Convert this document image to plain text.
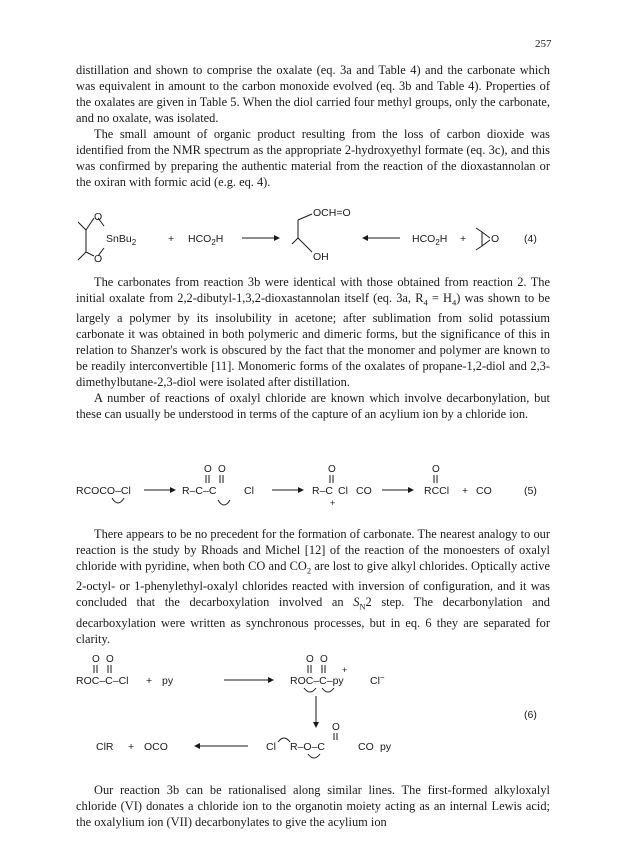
257

distillation and shown to comprise the oxalate (eq. 3a and Table 4) and the carbonate which was equivalent in amount to the carbon monoxide evolved (eq. 3b and Table 4). Properties of the oxalates are given in Table 5. When the diol carried four methyl groups, only the carbonate, and no oxalate, was isolated.

The small amount of organic product resulting from the loss of carbon dioxide was identified from the NMR spectrum as the appropriate 2-hydroxyethyl formate (eq. 3c), and this was confirmed by preparing the authentic material from the reaction of the dioxastannolan or the oxiran with formic acid (e.g. eq. 4).

O
O
SnBu$_2$	+ $HCO_2H$
OCH=O
OH
$HCO_2H + O$ (4)

The carbonates from reaction 3b were identical with those obtained from reaction 2. The initial oxalate from 2,2-dibutyl-1,3,2-dioxastannolan itself (eq. 3a, $R_4 = H_4$) was shown to be largely a polymer by its insolubility in acetone; after sublimation from solid potassium carbonate it was obtained in both polymeric and dimeric forms, but the significance of this in relation to Shanzer's work is obscured by the fact that the monomer and polymer are known to be readily interconvertible [11]. Monomeric forms of the oxalates of propane-1,2-diol and 2,3-dimethylbutane-2,3-diol were isolated after distillation.

A number of reactions of oxalyl chloride are known which involve decarbonylation, but these can usually be understood in terms of the capture of an acylium ion by a chloride ion.

RCOCO–Cl
O O
R–C–C	Cl
O
R–C Cl
+
CO
O
RCCl + CO	(5)

There appears to be no precedent for the formation of carbonate. The nearest analogy to our reaction is the study by Rhoads and Michel [12] of the reaction of the monoesters of oxalyl chloride with pyridine, when both CO and $CO_2$ are lost to give alkyl chlorides. Optically active 2-octyl- or 1-phenylethyl-oxalyl chlorides reacted with inversion of configuration, and it was concluded that the decarboxylation involved an $S_N2$ step. The decarbonylation and decarboxylation were written as synchronous processes, but in eq. 6 they are separated for clarity.

O O
ROC–C–Cl + py
O O
ROC–C–py
+
Cl−
(6)
ClR + OCO
O
Cl R–O–C	CO py

Our reaction 3b can be rationalised along similar lines. The first-formed alkyloxalyl chloride (VI) donates a chloride ion to the organotin moiety acting as an internal Lewis acid; the oxalylium ion (VII) decarbonylates to give the acylium ion
